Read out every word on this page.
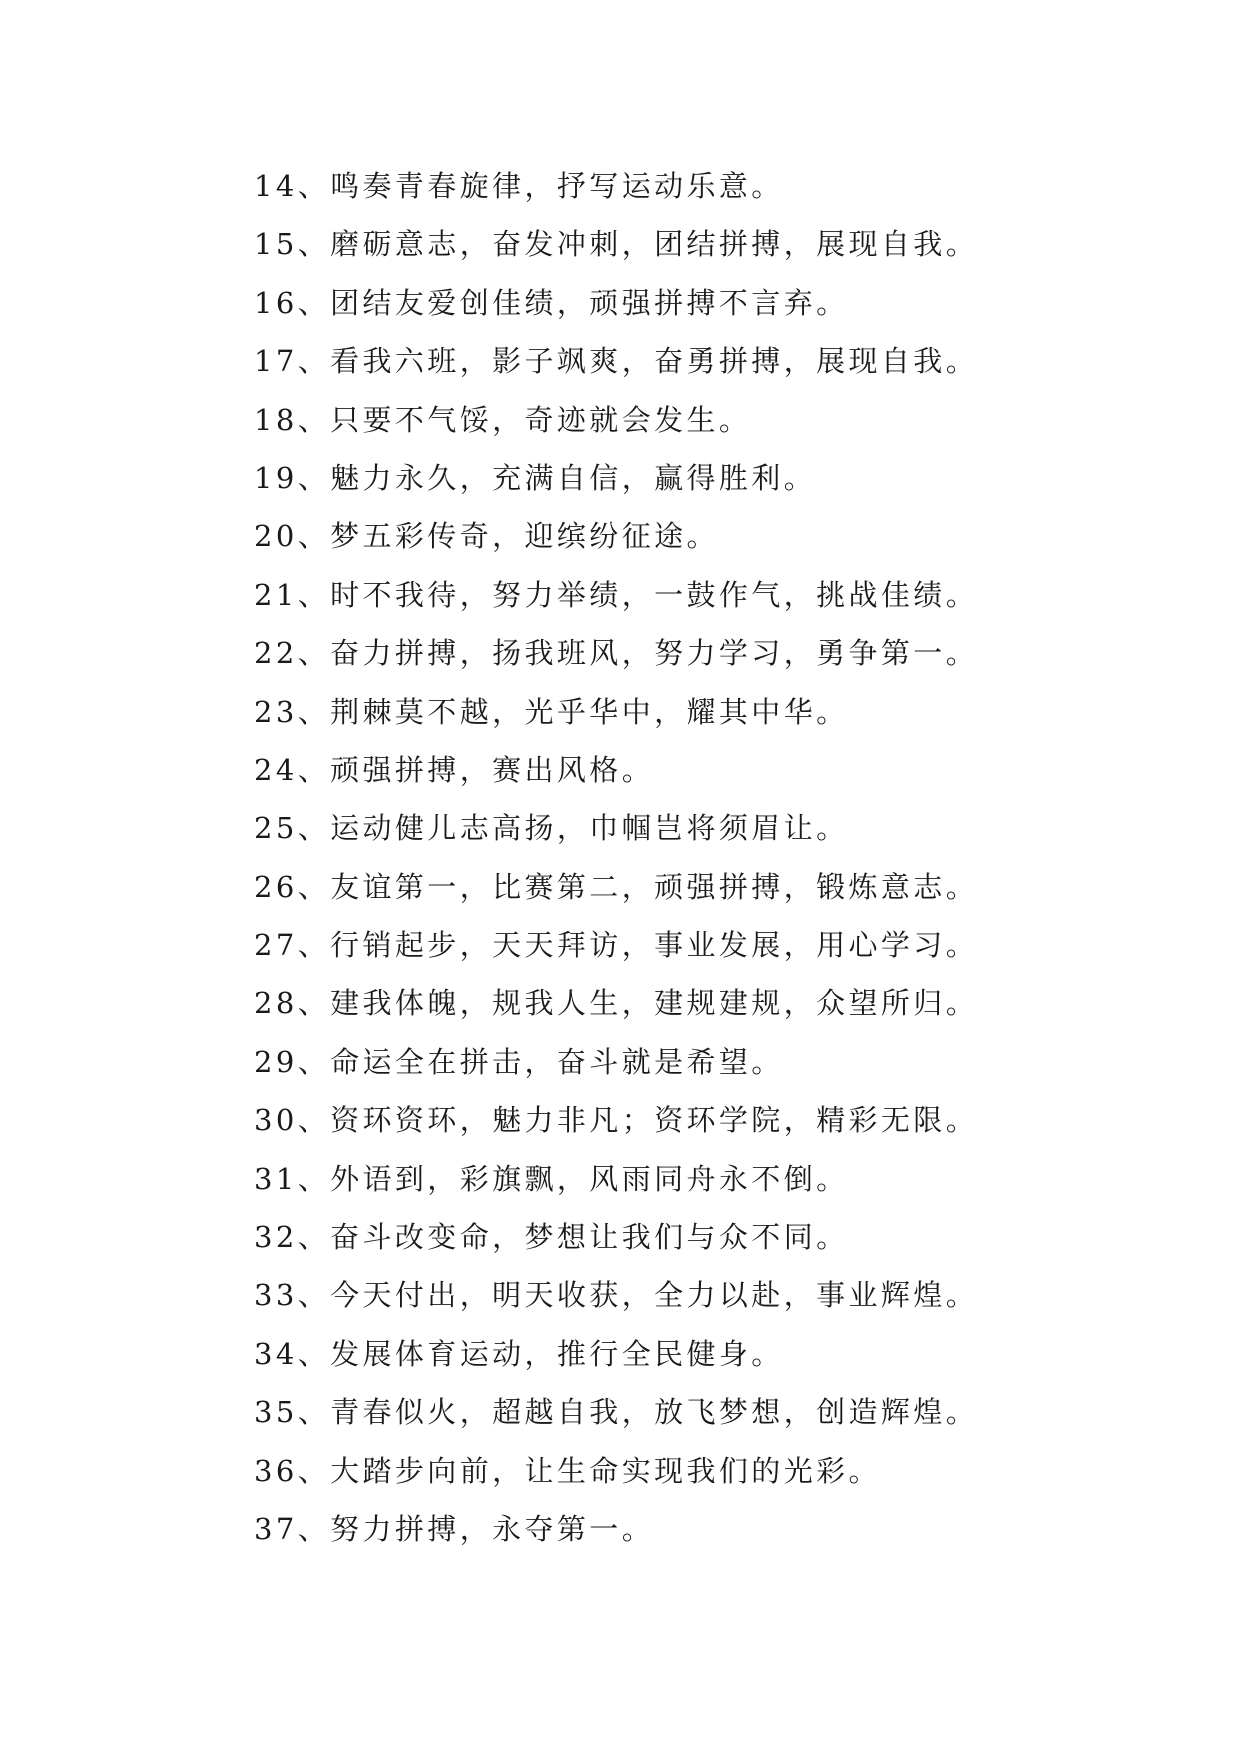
14、鸣奏青春旋律，抒写运动乐意。
15、磨砺意志，奋发冲刺，团结拼搏，展现自我。
16、团结友爱创佳绩，顽强拼搏不言弃。
17、看我六班，影子飒爽，奋勇拼搏，展现自我。
18、只要不气馁，奇迹就会发生。
19、魅力永久，充满自信，赢得胜利。
20、梦五彩传奇，迎缤纷征途。
21、时不我待，努力举绩，一鼓作气，挑战佳绩。
22、奋力拼搏，扬我班风，努力学习，勇争第一。
23、荆棘莫不越，光乎华中，耀其中华。
24、顽强拼搏，赛出风格。
25、运动健儿志高扬，巾帼岂将须眉让。
26、友谊第一，比赛第二，顽强拼搏，锻炼意志。
27、行销起步，天天拜访，事业发展，用心学习。
28、建我体魄，规我人生，建规建规，众望所归。
29、命运全在拼击，奋斗就是希望。
30、资环资环，魅力非凡；资环学院，精彩无限。
31、外语到，彩旗飘，风雨同舟永不倒。
32、奋斗改变命，梦想让我们与众不同。
33、今天付出，明天收获，全力以赴，事业辉煌。
34、发展体育运动，推行全民健身。
35、青春似火，超越自我，放飞梦想，创造辉煌。
36、大踏步向前，让生命实现我们的光彩。
37、努力拼搏，永夺第一。
